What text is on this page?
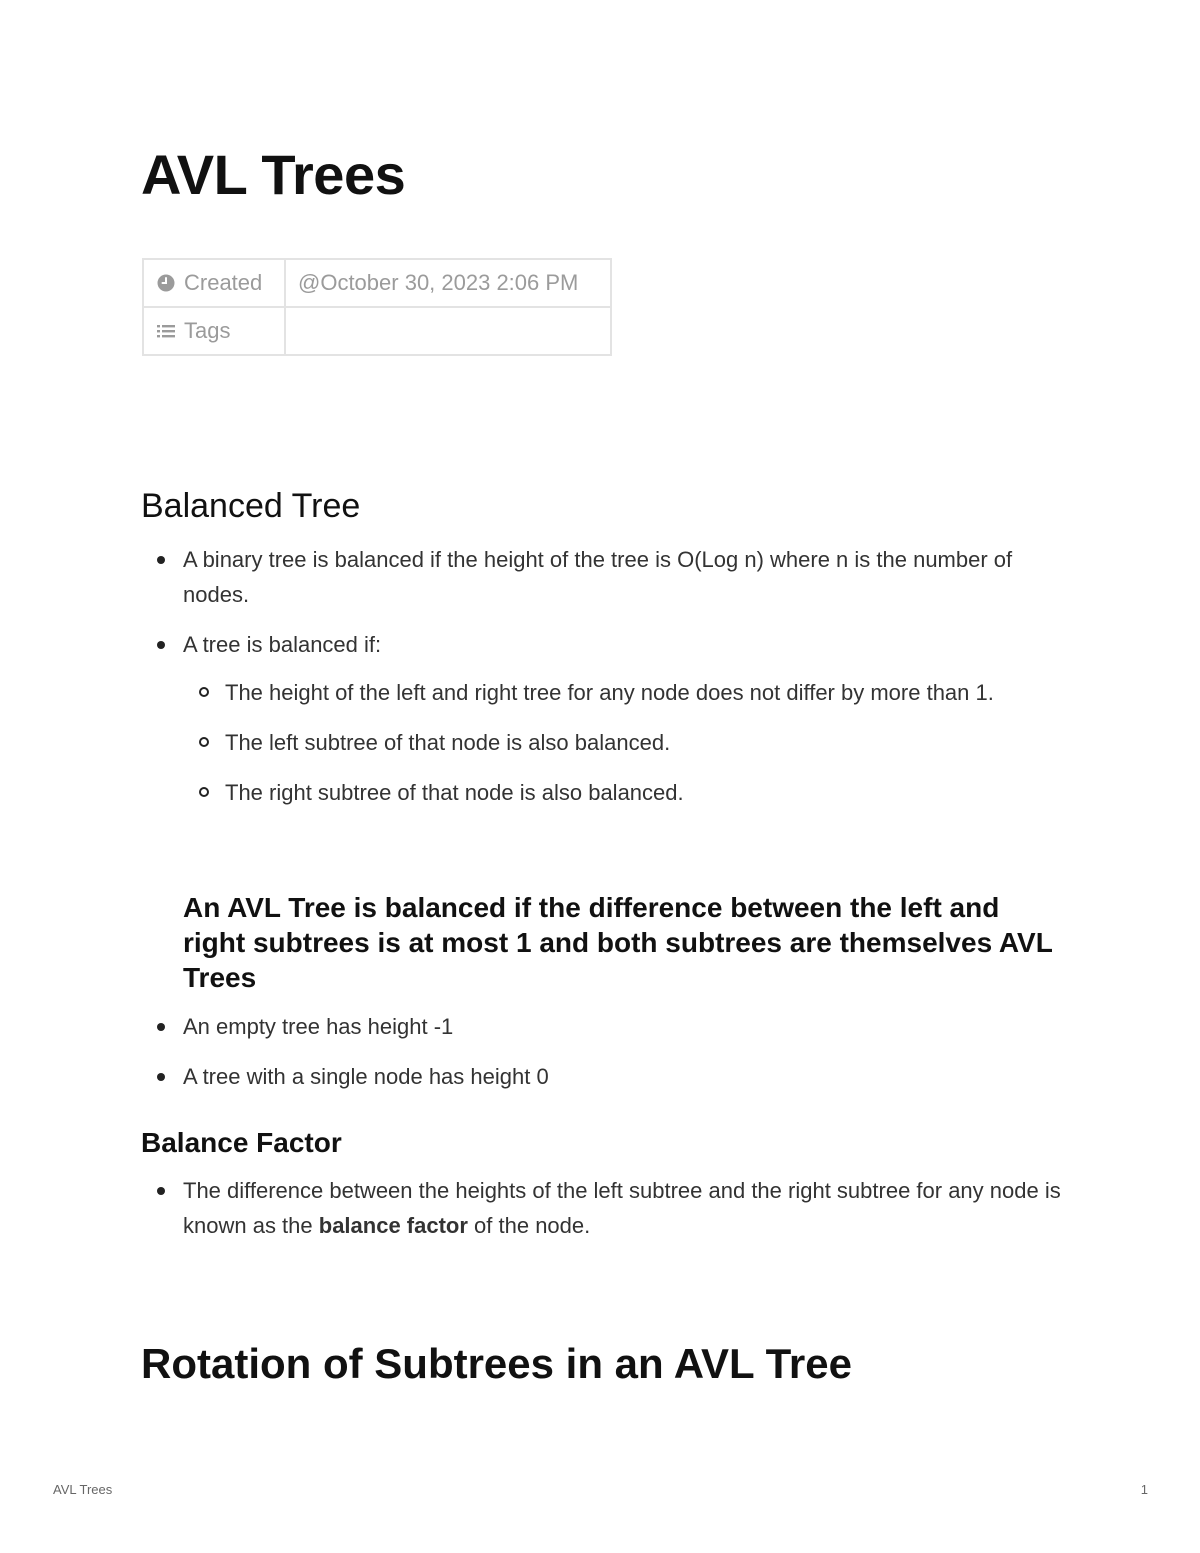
AVL Trees
Created	@October 30, 2023 2:06 PM
Tags	
Balanced Tree
A binary tree is balanced if the height of the tree is O(Log n) where n is the number of nodes.
A tree is balanced if:
The height of the left and right tree for any node does not differ by more than 1.
The left subtree of that node is also balanced.
The right subtree of that node is also balanced.
An AVL Tree is balanced if the difference between the left and right subtrees is at most 1 and both subtrees are themselves AVL Trees
An empty tree has height -1
A tree with a single node has height 0
Balance Factor
The difference between the heights of the left subtree and the right subtree for any node is known as the balance factor of the node.
Rotation of Subtrees in an AVL Tree
AVL Trees	1
